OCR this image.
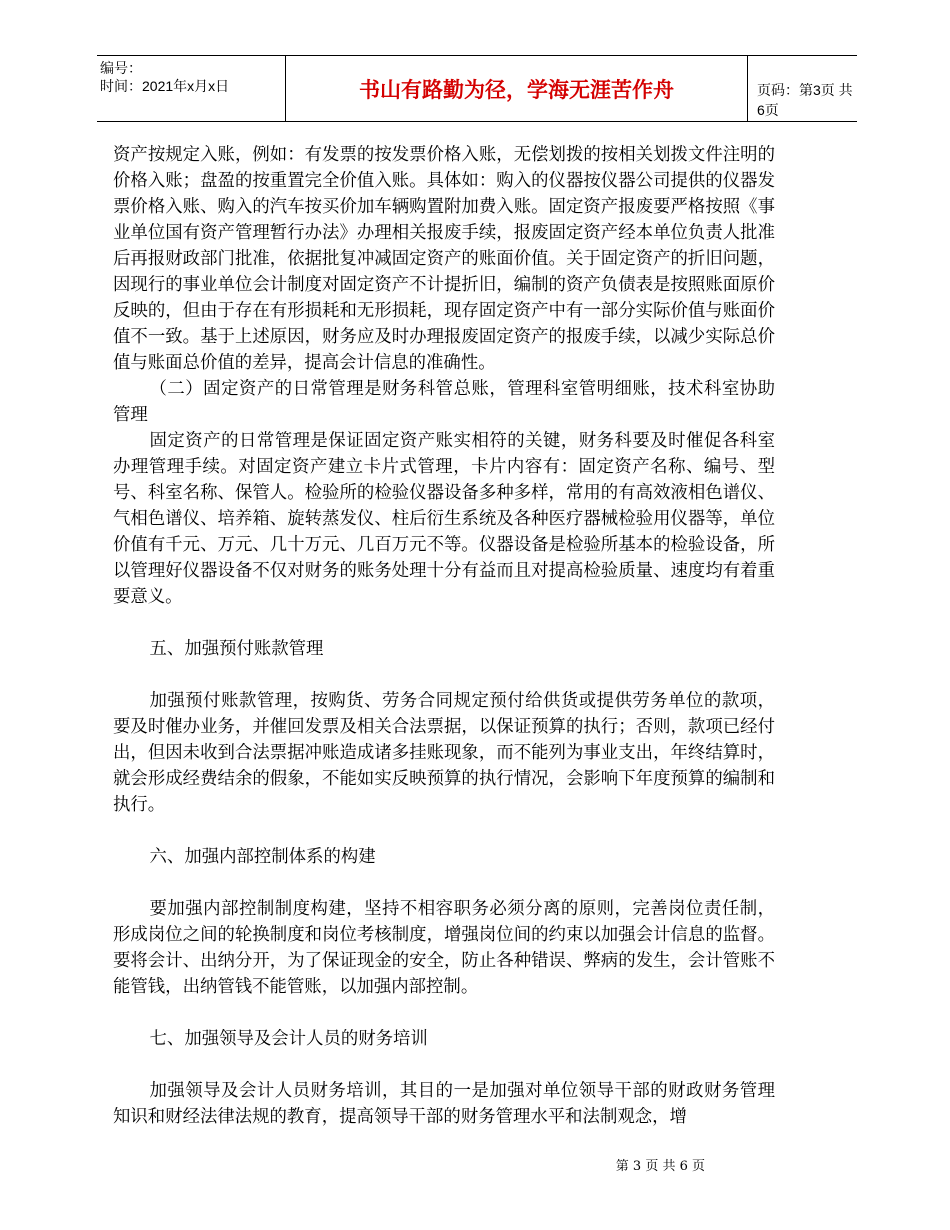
编号：
时间：2021年x月x日	书山有路勤为径，学海无涯苦作舟	页码：第3页 共6页

资产按规定入账，例如：有发票的按发票价格入账，无偿划拨的按相关划拨文件注明的价格入账；盘盈的按重置完全价值入账。具体如：购入的仪器按仪器公司提供的仪器发票价格入账、购入的汽车按买价加车辆购置附加费入账。固定资产报废要严格按照《事业单位国有资产管理暂行办法》办理相关报废手续，报废固定资产经本单位负责人批准后再报财政部门批准，依据批复冲减固定资产的账面价值。关于固定资产的折旧问题，因现行的事业单位会计制度对固定资产不计提折旧，编制的资产负债表是按照账面原价反映的，但由于存在有形损耗和无形损耗，现存固定资产中有一部分实际价值与账面价值不一致。基于上述原因，财务应及时办理报废固定资产的报废手续，以减少实际总价值与账面总价值的差异，提高会计信息的准确性。

（二）固定资产的日常管理是财务科管总账，管理科室管明细账，技术科室协助管理

固定资产的日常管理是保证固定资产账实相符的关键，财务科要及时催促各科室办理管理手续。对固定资产建立卡片式管理，卡片内容有：固定资产名称、编号、型号、科室名称、保管人。检验所的检验仪器设备多种多样，常用的有高效液相色谱仪、气相色谱仪、培养箱、旋转蒸发仪、柱后衍生系统及各种医疗器械检验用仪器等，单位价值有千元、万元、几十万元、几百万元不等。仪器设备是检验所基本的检验设备，所以管理好仪器设备不仅对财务的账务处理十分有益而且对提高检验质量、速度均有着重要意义。

五、加强预付账款管理

加强预付账款管理，按购货、劳务合同规定预付给供货或提供劳务单位的款项，要及时催办业务，并催回发票及相关合法票据，以保证预算的执行；否则，款项已经付出，但因未收到合法票据冲账造成诸多挂账现象，而不能列为事业支出，年终结算时，就会形成经费结余的假象，不能如实反映预算的执行情况，会影响下年度预算的编制和执行。

六、加强内部控制体系的构建

要加强内部控制制度构建，坚持不相容职务必须分离的原则，完善岗位责任制，形成岗位之间的轮换制度和岗位考核制度，增强岗位间的约束以加强会计信息的监督。要将会计、出纳分开，为了保证现金的安全，防止各种错误、弊病的发生，会计管账不能管钱，出纳管钱不能管账，以加强内部控制。

七、加强领导及会计人员的财务培训

加强领导及会计人员财务培训，其目的一是加强对单位领导干部的财政财务管理知识和财经法律法规的教育，提高领导干部的财务管理水平和法制观念，增

第 3 页 共 6 页
